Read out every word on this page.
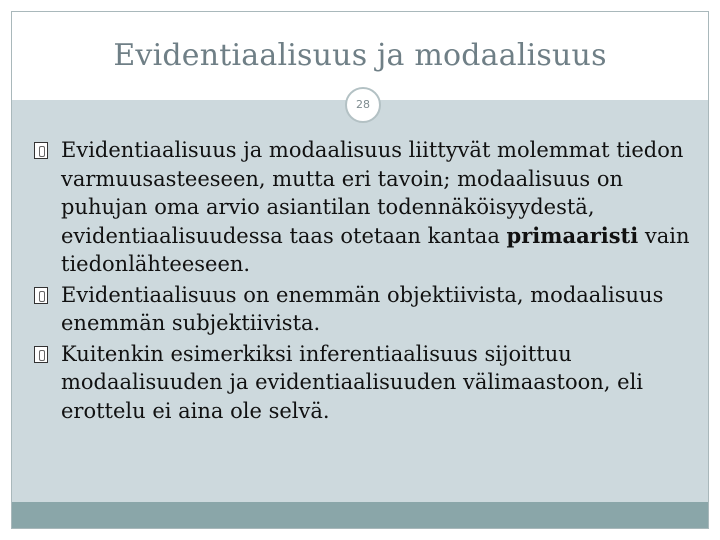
Evidentiaalisuus ja modaalisuus
Evidentiaalisuus ja modaalisuus liittyvät molemmat tiedon varmuusasteeseen, mutta eri tavoin; modaalisuus on puhujan oma arvio asiantilan todennäköisyydestä, evidentiaalisuudessa taas otetaan kantaa primaaristi vain tiedonlähteeseen.
Evidentiaalisuus on enemmän objektiivista, modaalisuus enemmän subjektiivista.
Kuitenkin esimerkiksi inferentiaalisuus sijoittuu modaalisuuden ja evidentiaalisuuden välimaastoon, eli erottelu ei aina ole selvä.
28
